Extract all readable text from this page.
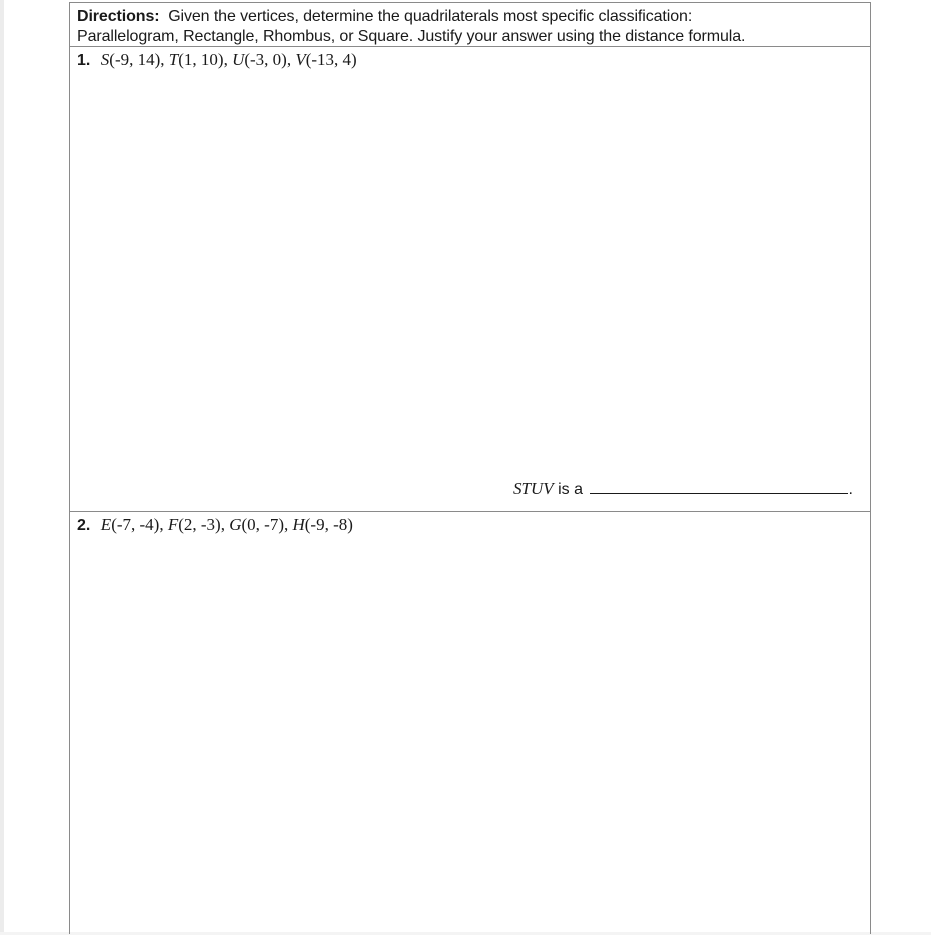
Directions: Given the vertices, determine the quadrilaterals most specific classification:
Parallelogram, Rectangle, Rhombus, or Square. Justify your answer using the distance formula.
1. S(-9, 14), T(1, 10), U(-3, 0), V(-13, 4)
STUV is a	.
2. E(-7, -4), F(2, -3), G(0, -7), H(-9, -8)
